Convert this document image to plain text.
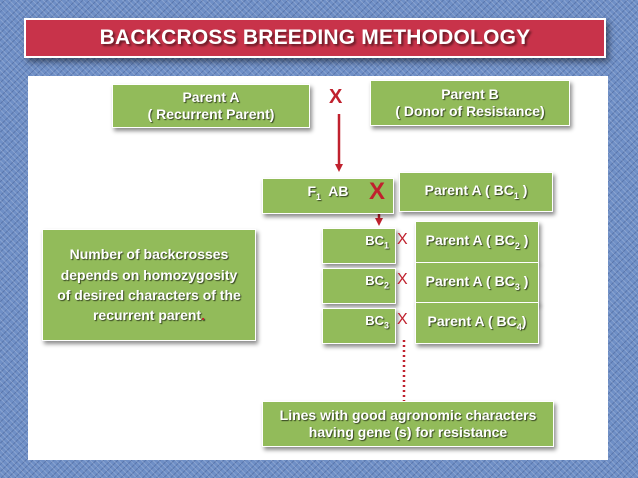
BACKCROSS BREEDING METHODOLOGY
Parent A
( Recurrent Parent)
X	Parent B
( Donor of Resistance)
$F_1$  AB X	Parent A ( $BC_1$ )
Number of backcrosses
depends on homozygosity
of desired characters of the
recurrent parent.
$BC_1$
$BC_2$
$BC_3$
X
X
X
Parent A ( $BC_2$ )
Parent A ( $BC_3$ )
Parent A ( $BC_4$)
Lines with good agronomic characters
having gene (s) for resistance
